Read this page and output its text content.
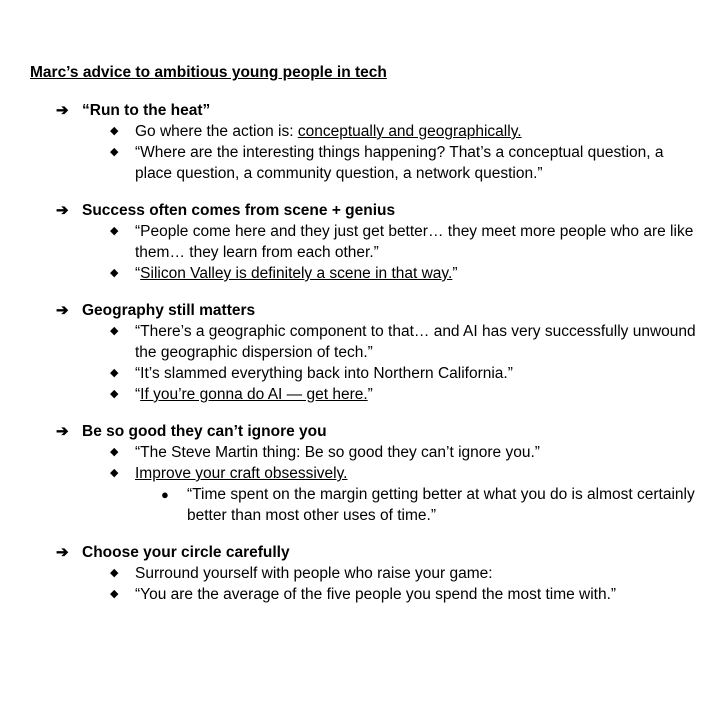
Marc’s advice to ambitious young people in tech
➔ “Run to the heat”
◆ Go where the action is: conceptually and geographically.
◆ “Where are the interesting things happening? That’s a conceptual question, a place question, a community question, a network question.”
➔ Success often comes from scene + genius
◆ “People come here and they just get better… they meet more people who are like them… they learn from each other.”
◆ “Silicon Valley is definitely a scene in that way.”
➔ Geography still matters
◆ “There’s a geographic component to that… and AI has very successfully unwound the geographic dispersion of tech.”
◆ “It’s slammed everything back into Northern California.”
◆ “If you’re gonna do AI — get here.”
➔ Be so good they can’t ignore you
◆ “The Steve Martin thing: Be so good they can’t ignore you.”
◆ Improve your craft obsessively.
● “Time spent on the margin getting better at what you do is almost certainly better than most other uses of time.”
➔ Choose your circle carefully
◆ Surround yourself with people who raise your game:
◆ “You are the average of the five people you spend the most time with.”
